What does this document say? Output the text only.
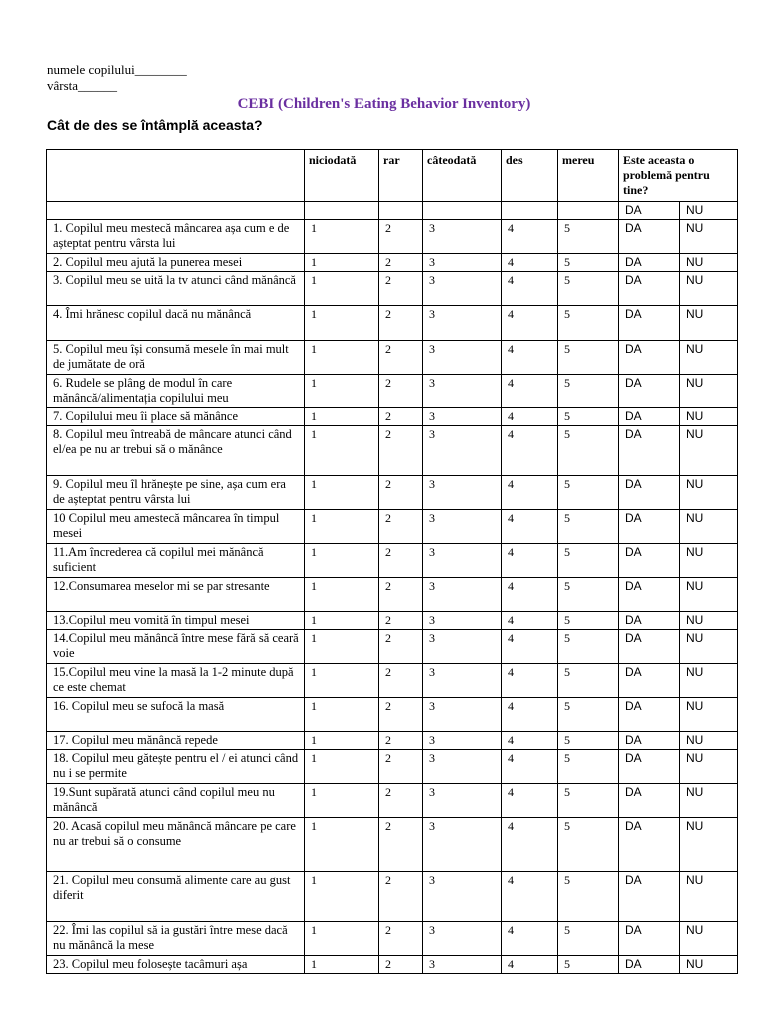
numele copilului________
vârsta______
CEBI (Children's Eating Behavior Inventory)
Cât de des se întâmplă aceasta?
	niciodată	rar	câteodată	des	mereu	Este aceasta o problemă pentru tine?	
						DA	NU
1. Copilul meu mestecă mâncarea așa cum e de așteptat pentru vârsta lui	1	2	3	4	5	DA	NU
2. Copilul meu ajută la punerea mesei	1	2	3	4	5	DA	NU
3. Copilul meu se uită la tv atunci când mănâncă	1	2	3	4	5	DA	NU
4. Îmi hrănesc copilul dacă nu mănâncă	1	2	3	4	5	DA	NU
5. Copilul meu își consumă mesele în mai mult de jumătate de oră	1	2	3	4	5	DA	NU
6. Rudele se plâng de modul în care mănâncă/alimentația copilului meu	1	2	3	4	5	DA	NU
7. Copilului meu îi place să mănânce	1	2	3	4	5	DA	NU
8. Copilul meu întreabă de mâncare atunci când el/ea pe nu ar trebui să o mănânce	1	2	3	4	5	DA	NU
9. Copilul meu îl hrănește pe sine, așa cum era de așteptat pentru vârsta lui	1	2	3	4	5	DA	NU
10 Copilul meu amestecă mâncarea în timpul mesei	1	2	3	4	5	DA	NU
11.Am încrederea că copilul mei mănâncă suficient	1	2	3	4	5	DA	NU
12.Consumarea meselor mi se par stresante	1	2	3	4	5	DA	NU
13.Copilul meu vomită în timpul mesei	1	2	3	4	5	DA	NU
14.Copilul meu mănâncă între mese fără să ceară voie	1	2	3	4	5	DA	NU
15.Copilul meu vine la masă la 1-2 minute după ce este chemat	1	2	3	4	5	DA	NU
16. Copilul meu se sufocă la masă	1	2	3	4	5	DA	NU
17. Copilul meu mănâncă repede	1	2	3	4	5	DA	NU
18. Copilul meu gătește pentru el / ei atunci când nu i se permite	1	2	3	4	5	DA	NU
19.Sunt supărată atunci când copilul meu nu mănâncă	1	2	3	4	5	DA	NU
20. Acasă copilul meu mănâncă mâncare pe care nu ar trebui să o consume	1	2	3	4	5	DA	NU
21. Copilul meu consumă alimente care au gust diferit	1	2	3	4	5	DA	NU
22. Îmi las copilul să ia gustări între mese dacă nu mănâncă la mese	1	2	3	4	5	DA	NU
23. Copilul meu folosește tacâmuri așa	1	2	3	4	5	DA	NU
